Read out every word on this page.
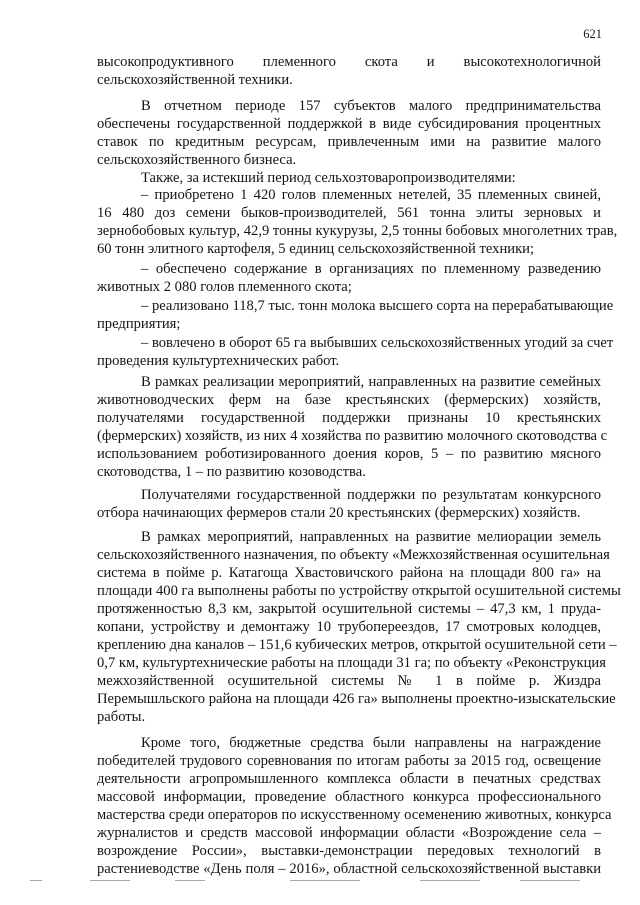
621
высокопродуктивного племенного скота и высокотехнологичной
сельскохозяйственной техники.
В отчетном периоде 157 субъектов малого предпринимательства
обеспечены государственной поддержкой в виде субсидирования процентных
ставок по кредитным ресурсам, привлеченным ими на развитие малого
сельскохозяйственного бизнеса.
Также, за истекший период сельхозтоваропроизводителями:
– приобретено 1 420 голов племенных нетелей, 35 племенных свиней,
16 480 доз семени быков-производителей, 561 тонна элиты зерновых и
зернобобовых культур, 42,9 тонны кукурузы, 2,5 тонны бобовых многолетних трав,
60 тонн элитного картофеля, 5 единиц сельскохозяйственной техники;
– обеспечено содержание в организациях по племенному разведению
животных 2 080 голов племенного скота;
– реализовано 118,7 тыс. тонн молока высшего сорта на перерабатывающие
предприятия;
– вовлечено в оборот 65 га выбывших сельскохозяйственных угодий за счет
проведения культуртехнических работ.
В рамках реализации мероприятий, направленных на развитие семейных
животноводческих ферм на базе крестьянских (фермерских) хозяйств,
получателями государственной поддержки признаны 10 крестьянских
(фермерских) хозяйств, из них 4 хозяйства по развитию молочного скотоводства с
использованием роботизированного доения коров, 5 – по развитию мясного
скотоводства, 1 – по развитию козоводства.
Получателями государственной поддержки по результатам конкурсного
отбора начинающих фермеров стали 20 крестьянских (фермерских) хозяйств.
В рамках мероприятий, направленных на развитие мелиорации земель
сельскохозяйственного назначения, по объекту «Межхозяйственная осушительная
система в пойме р. Катагоща Хвастовичского района на площади 800 га» на
площади 400 га выполнены работы по устройству открытой осушительной системы
протяженностью 8,3 км, закрытой осушительной системы – 47,3 км, 1 пруда-
копани, устройству и демонтажу 10 трубопереездов, 17 смотровых колодцев,
креплению дна каналов – 151,6 кубических метров, открытой осушительной сети –
0,7 км, культуртехнические работы на площади 31 га; по объекту «Реконструкция
межхозяйственной осушительной системы № 1 в пойме р. Жиздра
Перемышльского района на площади 426 га» выполнены проектно-изыскательские
работы.
Кроме того, бюджетные средства были направлены на награждение
победителей трудового соревнования по итогам работы за 2015 год, освещение
деятельности агропромышленного комплекса области в печатных средствах
массовой информации, проведение областного конкурса профессионального
мастерства среди операторов по искусственному осеменению животных, конкурса
журналистов и средств массовой информации области «Возрождение села –
возрождение России», выставки-демонстрации передовых технологий в
растениеводстве «День поля – 2016», областной сельскохозяйственной выставки
